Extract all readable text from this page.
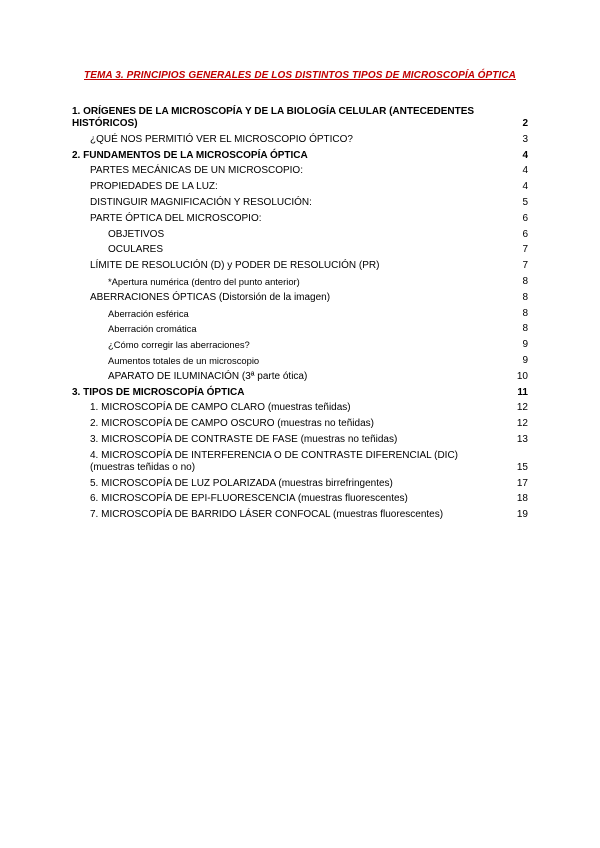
TEMA 3. PRINCIPIOS GENERALES DE LOS DISTINTOS TIPOS DE MICROSCOPÍA ÓPTICA
1. ORÍGENES DE LA MICROSCOPÍA Y DE LA BIOLOGÍA CELULAR (ANTECEDENTES HISTÓRICOS)	2
¿QUÉ NOS PERMITIÓ VER EL MICROSCOPIO ÓPTICO?	3
2. FUNDAMENTOS DE LA MICROSCOPÍA ÓPTICA	4
PARTES MECÁNICAS DE UN MICROSCOPIO:	4
PROPIEDADES DE LA LUZ:	4
DISTINGUIR MAGNIFICACIÓN Y RESOLUCIÓN:	5
PARTE ÓPTICA DEL MICROSCOPIO:	6
OBJETIVOS	6
OCULARES	7
LÍMITE DE RESOLUCIÓN (D) y PODER DE RESOLUCIÓN (PR)	7
*Apertura numérica (dentro del punto anterior)	8
ABERRACIONES ÓPTICAS (Distorsión de la imagen)	8
Aberración esférica	8
Aberración cromática	8
¿Cómo corregir las aberraciones?	9
Aumentos totales de un microscopio	9
APARATO DE ILUMINACIÓN (3ª parte ótica)	10
3. TIPOS DE MICROSCOPÍA ÓPTICA	11
1. MICROSCOPÍA DE CAMPO CLARO (muestras teñidas)	12
2. MICROSCOPÍA DE CAMPO OSCURO (muestras no teñidas)	12
3. MICROSCOPÍA DE CONTRASTE DE FASE (muestras no teñidas)	13
4. MICROSCOPÍA DE INTERFERENCIA O DE CONTRASTE DIFERENCIAL (DIC) (muestras teñidas o no)	15
5. MICROSCOPÍA DE LUZ POLARIZADA (muestras birrefringentes)	17
6. MICROSCOPÍA DE EPI-FLUORESCENCIA (muestras fluorescentes)	18
7. MICROSCOPÍA DE BARRIDO LÁSER CONFOCAL (muestras fluorescentes)	19
